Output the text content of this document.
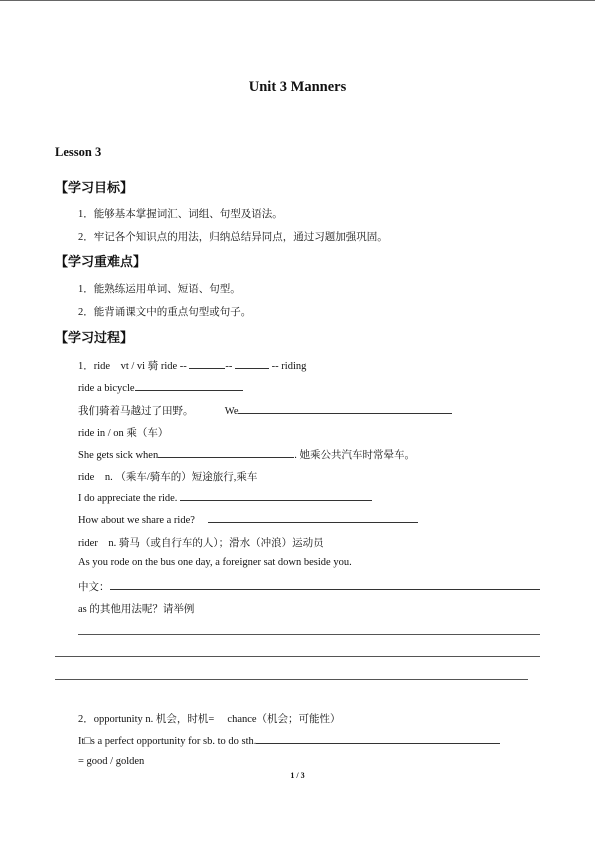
Unit 3 Manners
Lesson 3
【学习目标】
1．能够基本掌握词汇、词组、句型及语法。
2．牢记各个知识点的用法，归纳总结异同点，通过习题加强巩固。
【学习重难点】
1．能熟练运用单词、短语、句型。
2．能背诵课文中的重点句型或句子。
【学习过程】
1．ride　vt / vi 骑 ride --	--	-- riding
ride a bicycle
我们骑着马越过了田野。	We
ride in / on 乘（车）
She gets sick when	. 她乘公共汽车时常晕车。
ride　n. （乘车/骑车的）短途旅行,乘车
I do appreciate the ride.
How about we share a ride?
rider　n. 骑马（或自行车的人）；滑水（冲浪）运动员
As you rode on the bus one day, a foreigner sat down beside you.
中文：
as 的其他用法呢？请举例
2．opportunity n. 机会，时机=　 chance（机会；可能性）
It□s a perfect opportunity for sb. to do sth.
= good / golden
1 / 3
